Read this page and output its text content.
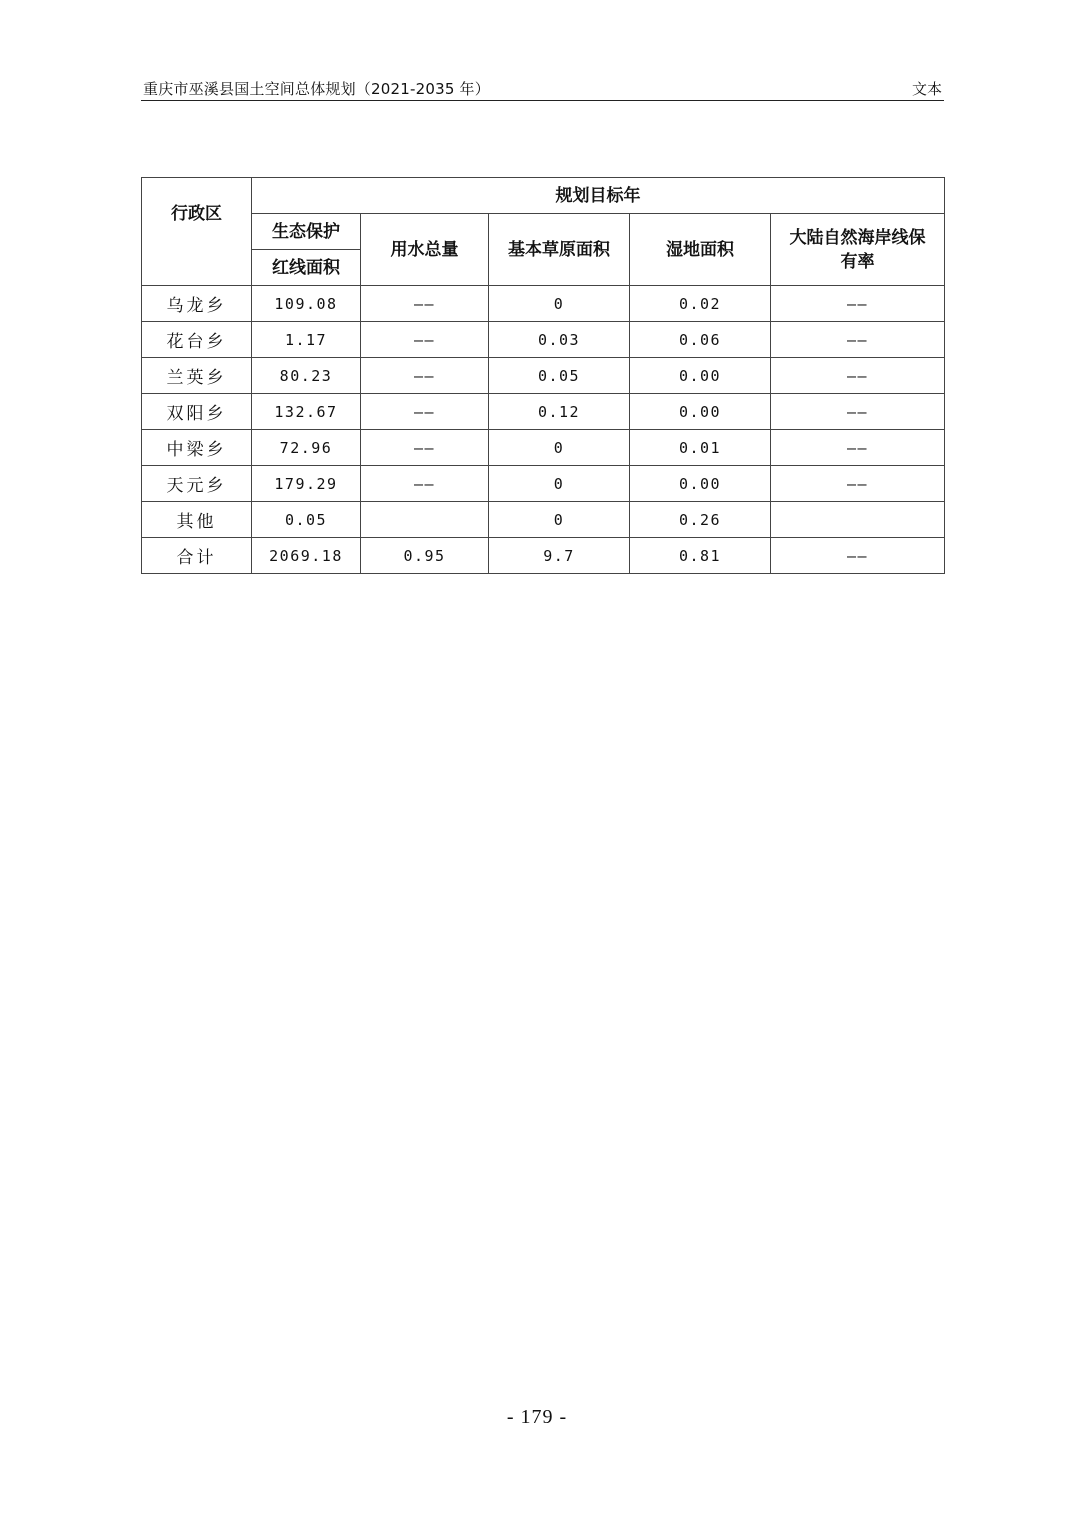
重庆市巫溪县国土空间总体规划（2021-2035 年）	文本
行政区	规划目标年				
	生态保护	用水总量	基本草原面积	湿地面积	大陆自然海岸线保
有率

	红线面积				
乌龙乡	109.08	——	0	0.02	——
花台乡	1.17	——	0.03	0.06	——
兰英乡	80.23	——	0.05	0.00	——
双阳乡	132.67	——	0.12	0.00	——
中梁乡	72.96	——	0	0.01	——
天元乡	179.29	——	0	0.00	——
其他	0.05		0	0.26	
合计	2069.18	0.95	9.7	0.81	——
- 179 -
